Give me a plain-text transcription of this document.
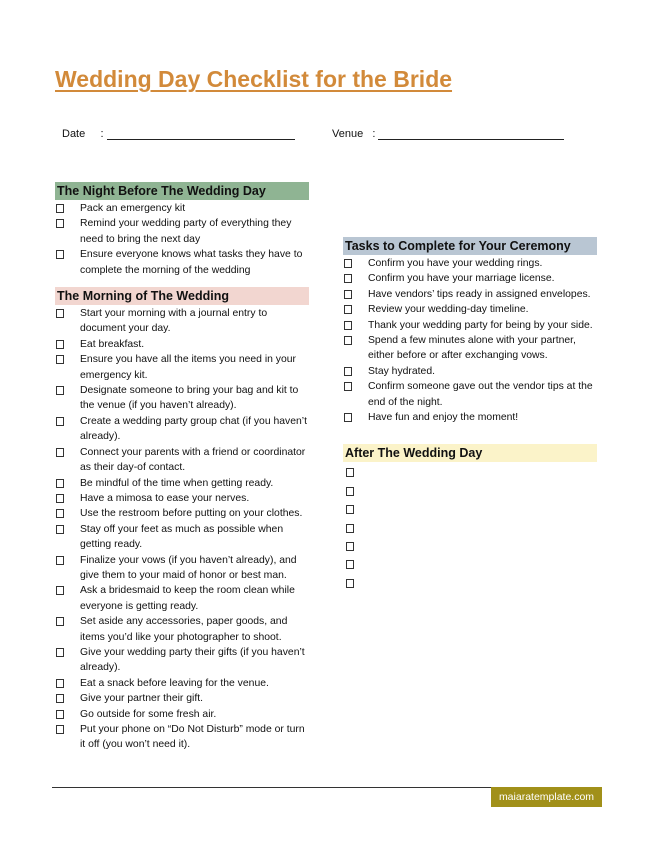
Wedding Day Checklist for the Bride
Date     :	Venue   :
The Night Before The Wedding Day
Pack an emergency kit
Remind your wedding party of everything they need to bring the next day
Ensure everyone knows what tasks they have to complete the morning of the wedding
The Morning of The Wedding
Start your morning with a journal entry to document your day.
Eat breakfast.
Ensure you have all the items you need in your emergency kit.
Designate someone to bring your bag and kit to the venue (if you haven’t already).
Create a wedding party group chat (if you haven’t already).
Connect your parents with a friend or coordinator as their day-of contact.
Be mindful of the time when getting ready.
Have a mimosa to ease your nerves.
Use the restroom before putting on your clothes.
Stay off your feet as much as possible when getting ready.
Finalize your vows (if you haven’t already), and give them to your maid of honor or best man.
Ask a bridesmaid to keep the room clean while everyone is getting ready.
Set aside any accessories, paper goods, and items you’d like your photographer to shoot.
Give your wedding party their gifts (if you haven’t already).
Eat a snack before leaving for the venue.
Give your partner their gift.
Go outside for some fresh air.
Put your phone on “Do Not Disturb” mode or turn it off (you won’t need it).
Tasks to Complete for Your Ceremony
Confirm you have your wedding rings.
Confirm you have your marriage license.
Have vendors’ tips ready in assigned envelopes.
Review your wedding-day timeline.
Thank your wedding party for being by your side.
Spend a few minutes alone with your partner, either before or after exchanging vows.
Stay hydrated.
Confirm someone gave out the vendor tips at the end of the night.
Have fun and enjoy the moment!
After The Wedding Day
maiaratemplate.com
